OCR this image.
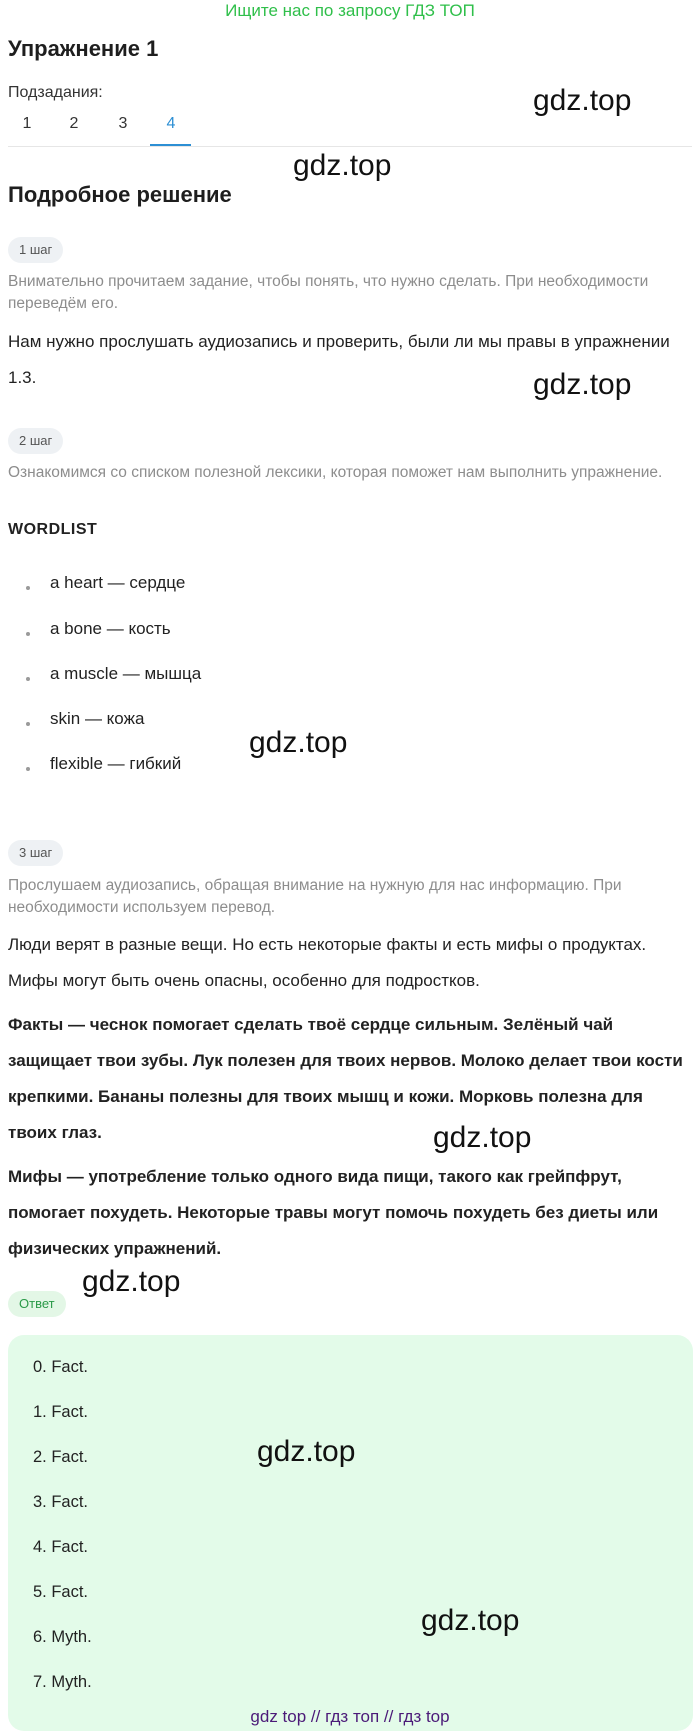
Ищите нас по запросу ГДЗ ТОП
Упражнение 1
Подзадания:
1	2	3	4
Подробное решение
1 шаг
Внимательно прочитаем задание, чтобы понять, что нужно сделать. При необходимости переведём его.
Нам нужно прослушать аудиозапись и проверить, были ли мы правы в упражнении 1.3.
2 шаг
Ознакомимся со списком полезной лексики, которая поможет нам выполнить упражнение.
WORDLIST
a heart — сердце
a bone — кость
a muscle — мышца
skin — кожа
flexible — гибкий
3 шаг
Прослушаем аудиозапись, обращая внимание на нужную для нас информацию. При необходимости используем перевод.
Люди верят в разные вещи. Но есть некоторые факты и есть мифы о продуктах. Мифы могут быть очень опасны, особенно для подростков.
Факты — чеснок помогает сделать твоё сердце сильным. Зелёный чай защищает твои зубы. Лук полезен для твоих нервов. Молоко делает твои кости крепкими. Бананы полезны для твоих мышц и кожи. Морковь полезна для твоих глаз.
Мифы — употребление только одного вида пищи, такого как грейпфрут, помогает похудеть. Некоторые травы могут помочь похудеть без диеты или физических упражнений.
Ответ
0. Fact.
1. Fact.
2. Fact.
3. Fact.
4. Fact.
5. Fact.
6. Myth.
7. Myth.
gdz.top
gdz.top
gdz.top
gdz.top
gdz.top
gdz.top
gdz.top
gdz.top
gdz top // гдз топ // гдз top
